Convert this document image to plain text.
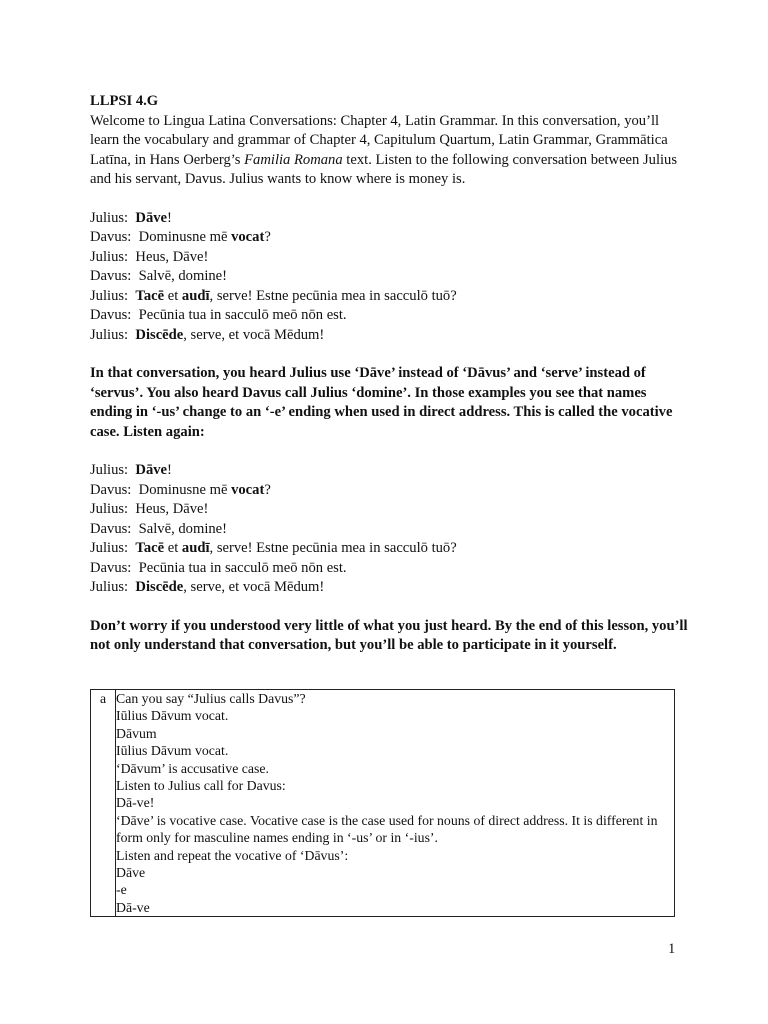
LLPSI 4.G

Welcome to Lingua Latina Conversations: Chapter 4, Latin Grammar. In this conversation, you’ll learn the vocabulary and grammar of Chapter 4, Capitulum Quartum, Latin Grammar, Grammātica Latīna, in Hans Oerberg’s Familia Romana text. Listen to the following conversation between Julius and his servant, Davus. Julius wants to know where is money is.

Julius: Dāve!
Davus: Dominusne mē vocat?
Julius: Heus, Dāve!
Davus: Salvē, domine!
Julius: Tacē et audī, serve! Estne pecūnia mea in sacculō tuō?
Davus: Pecūnia tua in sacculō meō nōn est.
Julius: Discēde, serve, et vocā Mēdum!
In that conversation, you heard Julius use ‘Dāve’ instead of ‘Dāvus’ and ‘serve’ instead of ‘servus’. You also heard Davus call Julius ‘domine’. In those examples you see that names ending in ‘-us’ change to an ‘-e’ ending when used in direct address. This is called the vocative case. Listen again:
Julius: Dāve!
Davus: Dominusne mē vocat?
Julius: Heus, Dāve!
Davus: Salvē, domine!
Julius: Tacē et audī, serve! Estne pecūnia mea in sacculō tuō?
Davus: Pecūnia tua in sacculō meō nōn est.
Julius: Discēde, serve, et vocā Mēdum!
Don’t worry if you understood very little of what you just heard. By the end of this lesson, you’ll not only understand that conversation, but you’ll be able to participate in it yourself.
a	Can you say “Julius calls Davus”?
Iūlius Dāvum vocat.
Dāvum
Iūlius Dāvum vocat.
‘Dāvum’ is accusative case.
Listen to Julius call for Davus:
Dā-ve!
‘Dāve’ is vocative case. Vocative case is the case used for nouns of direct address. It is different in form only for masculine names ending in ‘-us’ or in ‘-ius’.
Listen and repeat the vocative of ‘Dāvus’:
Dāve
-e
Dā-ve
1
